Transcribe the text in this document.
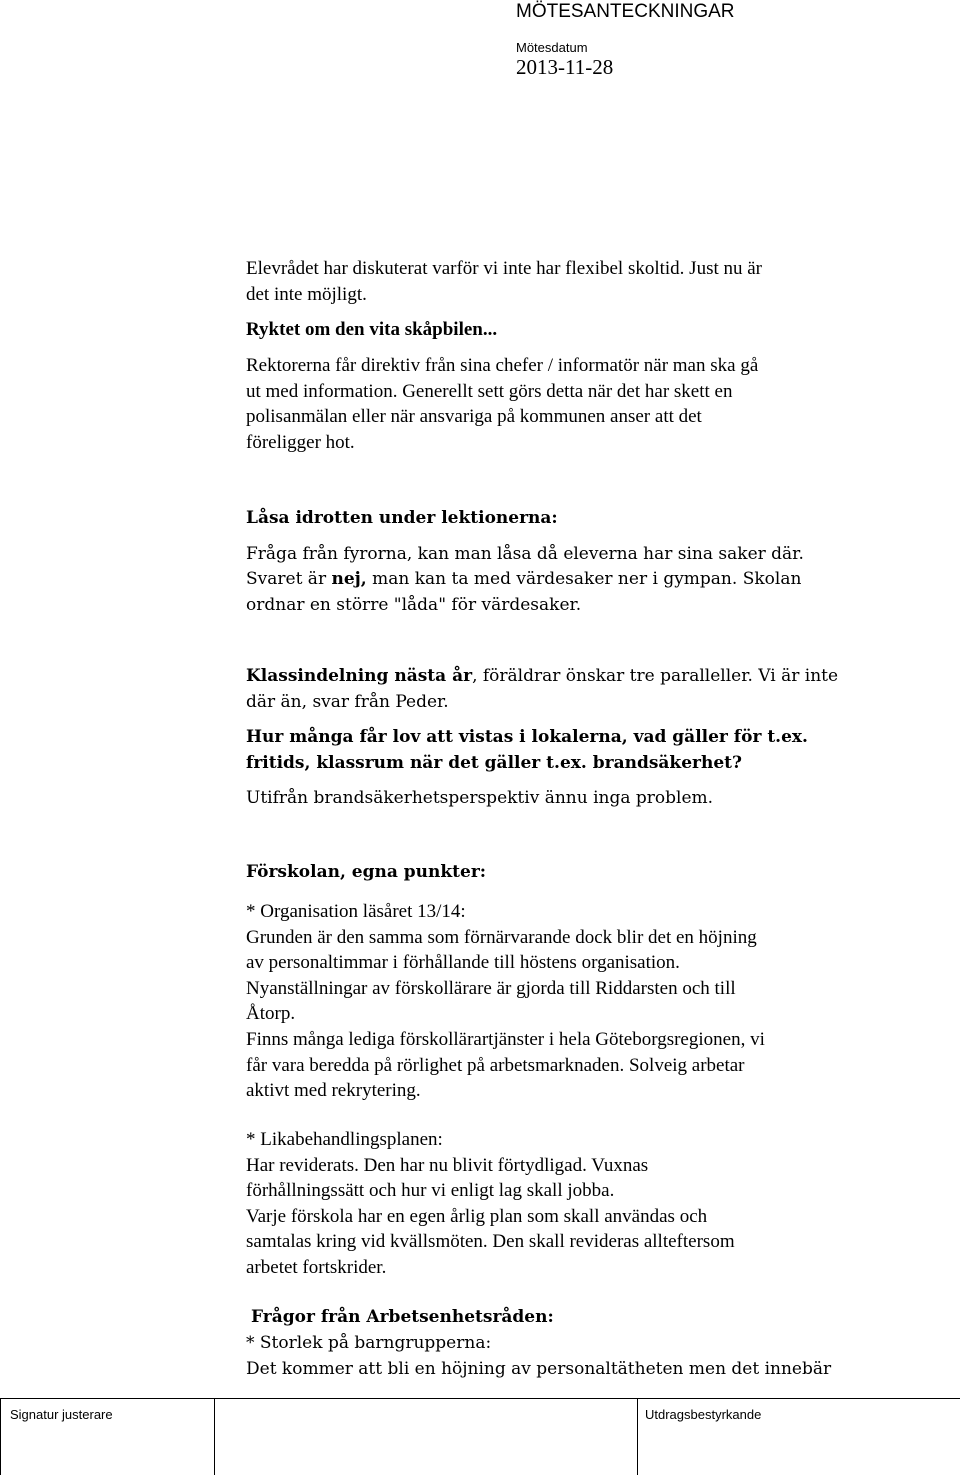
MÖTESANTECKNINGAR
Mötesdatum
2013-11-28
Elevrådet har diskuterat varför vi inte har flexibel skoltid. Just nu är
det inte möjligt.
Ryktet om den vita skåpbilen...
Rektorerna får direktiv från sina chefer / informatör när man ska gå
ut med information. Generellt sett görs detta när det har skett en
polisanmälan eller när ansvariga på kommunen anser att det
föreligger hot.
Låsa idrotten under lektionerna:
Fråga från fyrorna, kan man låsa då eleverna har sina saker där.
Svaret är nej, man kan ta med värdesaker ner i gympan. Skolan
ordnar en större "låda" för värdesaker.
Klassindelning nästa år, föräldrar önskar tre paralleller. Vi är inte
där än, svar från Peder.
Hur många får lov att vistas i lokalerna, vad gäller för t.ex.
fritids, klassrum när det gäller t.ex. brandsäkerhet?
Utifrån brandsäkerhetsperspektiv ännu inga problem.
Förskolan, egna punkter:
* Organisation läsåret 13/14:
Grunden är den samma som förnärvarande dock blir det en höjning
av personaltimmar i förhållande till höstens organisation.
Nyanställningar av förskollärare är gjorda till Riddarsten och till
Åtorp.
Finns många lediga förskollärartjänster i hela Göteborgsregionen, vi
får vara beredda på rörlighet på arbetsmarknaden. Solveig arbetar
aktivt med rekrytering.
* Likabehandlingsplanen:
Har reviderats. Den har nu blivit förtydligad. Vuxnas
förhållningssätt och hur vi enligt lag skall jobba.
Varje förskola har en egen årlig plan som skall användas och
samtalas kring vid kvällsmöten. Den skall revideras allteftersom
arbetet fortskrider.
Frågor från Arbetsenhetsråden:
* Storlek på barngrupperna:
Det kommer att bli en höjning av personaltätheten men det innebär
Signatur justerare	Utdragsbestyrkande
